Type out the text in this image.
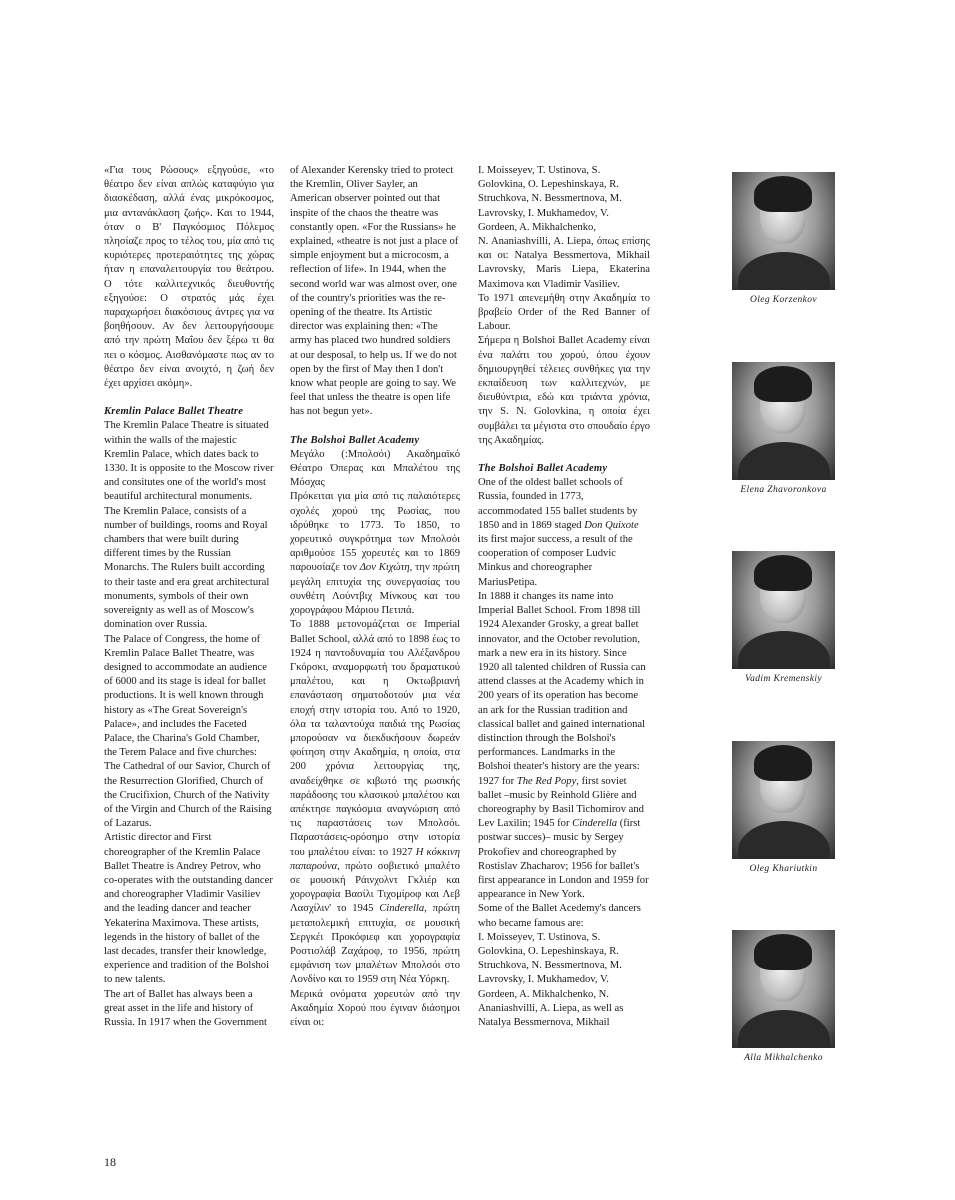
«Για τους Ρώσους» εξηγούσε, «το θέατρο δεν είναι απλώς καταφύγιο για διασκέδαση, αλλά ένας μικρόκοσμος, μια αντανάκλαση ζωής». Και το 1944, όταν ο Β' Παγκόσμιος Πόλεμος πλησίαζε προς το τέλος του, μία από τις κυριότερες προτεραιότητες της χώρας ήταν η επαναλειτουργία του θεάτρου. Ο τότε καλλιτεχνικός διευθυντής εξηγούσε: Ο στρατός μάς έχει παραχωρήσει διακόσιους άντρες για να βοηθήσουν. Αν δεν λειτουργήσουμε από την πρώτη Μαΐου δεν ξέρω τι θα πει ο κόσμος. Αισθανόμαστε πως αν το θέατρο δεν είναι ανοιχτό, η ζωή δεν έχει αρχίσει ακόμη».

Kremlin Palace Ballet Theatre

The Kremlin Palace Theatre is situated within the walls of the majestic Kremlin Palace, which dates back to 1330. It is opposite to the Moscow river and consitutes one of the world's most beautiful architectural monuments.

The Kremlin Palace, consists of a number of buildings, rooms and Royal chambers that were built during different times by the Russian Monarchs. The Rulers built according to their taste and era great architectural monuments, symbols of their own sovereignty as well as of Moscow's domination over Russia.

The Palace of Congress, the home of Kremlin Palace Ballet Theatre, was designed to accommodate an audience of 6000 and its stage is ideal for ballet productions. It is well known through history as «The Great Sovereign's Palace», and includes the Faceted Palace, the Charina's Gold Chamber, the Terem Palace and five churches: The Cathedral of our Savior, Church of the Resurrection Glorified, Church of the Crucifixion, Church of the Nativity of the Virgin and Church of the Raising of Lazarus.

Artistic director and First choreographer of the Kremlin Palace Ballet Theatre is Andrey Petrov, who co-operates with the outstanding dancer and choreographer Vladimir Vasiliev and the leading dancer and teacher Yekaterina Maximova. These artists, legends in the history of ballet of the last decades, transfer their knowledge, experience and tradition of the Bolshoi to new talents.

The art of Ballet has always been a great asset in the life and history of Russia. In 1917 when the Government

of Alexander Kerensky tried to protect the Kremlin, Oliver Sayler, an American observer pointed out that inspite of the chaos the theatre was constantly open. «For the Russians» he explained, «theatre is not just a place of simple enjoyment but a microcosm, a reflection of life». In 1944, when the second world war was almost over, one of the country's priorities was the re-opening of the theatre. Its Artistic director was explaining then: «The army has placed two hundred soldiers at our desposal, to help us. If we do not open by the first of May then I don't know what people are going to say. We feel that unless the theatre is open life has not begun yet».

The Bolshoi Ballet Academy

Μεγάλο (:Μπολσόι) Ακαδημαϊκό Θέατρο Όπερας και Μπαλέτου της Μόσχας

Πρόκειται για μία από τις παλαιότερες σχολές χορού της Ρωσίας, που ιδρύθηκε το 1773. Το 1850, το χορευτικό συγκρότημα των Μπολσόι αριθμούσε 155 χορευτές και το 1869 παρουσίαζε τον Δον Κιχώτη, την πρώτη μεγάλη επιτυχία της συνεργασίας του συνθέτη Λούντβιχ Μίνκους και του χορογράφου Μάριου Πετιπά.

Το 1888 μετονομάζεται σε Imperial Ballet School, αλλά από το 1898 έως το 1924 η παντοδυναμία του Αλέξανδρου Γκόρσκι, αναμορφωτή του δραματικού μπαλέτου, και η Οκτωβριανή επανάσταση σηματοδοτούν μια νέα εποχή στην ιστορία του. Από το 1920, όλα τα ταλαντούχα παιδιά της Ρωσίας μπορούσαν να διεκδικήσουν δωρεάν φοίτηση στην Ακαδημία, η οποία, στα 200 χρόνια λειτουργίας της, αναδείχθηκε σε κιβωτό της ρωσικής παράδοσης του κλασικού μπαλέτου και απέκτησε παγκόσμια αναγνώριση από τις παραστάσεις των Μπολσόι. Παραστάσεις-ορόσημο στην ιστορία του μπαλέτου είναι: το 1927 Η κόκκινη παπαρούνα, πρώτο σοβιετικό μπαλέτο σε μουσική Ράινχολντ Γκλιέρ και χορογραφία Βασίλι Τιχομίροφ και Λεβ Λασχίλιν' το 1945 Cinderella, πρώτη μεταπολεμική επιτυχία, σε μουσική Σεργκέι Προκόφιεφ και χορογραφία Ροστισλάβ Ζαχάροφ, το 1956, πρώτη εμφάνιση των μπαλέτων Μπολσόι στο Λονδίνο και το 1959 στη Νέα Υόρκη.

Μερικά ονόματα χορευτών από την Ακαδημία Χορού που έγιναν διάσημοι είναι οι:

I. Moisseyev, T. Ustinova, S. Golovkina, O. Lepeshinskaya, R. Struchkova, N. Bessmertnova, M. Lavrovsky, I. Mukhamedov, V. Gordeen, A. Mikhalchenko,

N. Ananiashvilli, A. Liepa, όπως επίσης και οι: Natalya Bessmertova, Mikhail Lavrovsky, Maris Liepa, Ekaterina Maximova και Vladimir Vasiliev.

Το 1971 απενεμήθη στην Ακαδημία το βραβείο Order of the Red Banner of Labour.

Σήμερα η Bolshoi Ballet Academy είναι ένα παλάτι του χορού, όπου έχουν δημιουργηθεί τέλειες συνθήκες για την εκπαίδευση των καλλιτεχνών, με διευθύντρια, εδώ και τριάντα χρόνια, την S. N. Golovkina, η οποία έχει συμβάλει τα μέγιστα στο σπουδαίο έργο της Ακαδημίας.

The Bolshoi Ballet Academy

One of the oldest ballet schools of Russia, founded in 1773, accommodated 155 ballet students by 1850 and in 1869 staged Don Quixote its first major success, a result of the cooperation of composer Ludvic Minkus and choreographer MariusPetipa.

In 1888 it changes its name into Imperial Ballet School. From 1898 till 1924 Alexander Grosky, a great ballet innovator, and the October revolution, mark a new era in its history. Since 1920 all talented children of Russia can attend classes at the Academy which in 200 years of its operation has become an ark for the Russian tradition and classical ballet and gained international distinction through the Bolshoi's performances. Landmarks in the Bolshoi theater's history are the years: 1927 for The Red Popy, first soviet ballet –music by Reinhold Glière and choreography by Basil Tichomirov and Lev Laxilin; 1945 for Cinderella (first postwar succes)– music by Sergey Prokofiev and choreographed by Rostislav Zhacharov; 1956 for ballet's first appearance in London and 1959 for appearance in New York.

Some of the Ballet Acedemy's dancers who became famous are:

I. Moisseyev, T. Ustinova, S. Golovkina, O. Lepeshinskaya, R. Struchkova, N. Bessmertnova, M. Lavrovsky, I. Mukhamedov, V. Gordeen, A. Mikhalchenko, N. Ananiashvilli, A. Liepa, as well as Natalya Bessmernova, Mikhail

Oleg Korzenkov
Elena Zhavoronkova
Vadim Kremenskiy
Oleg Khariutkin
Alla Mikhalchenko
18
